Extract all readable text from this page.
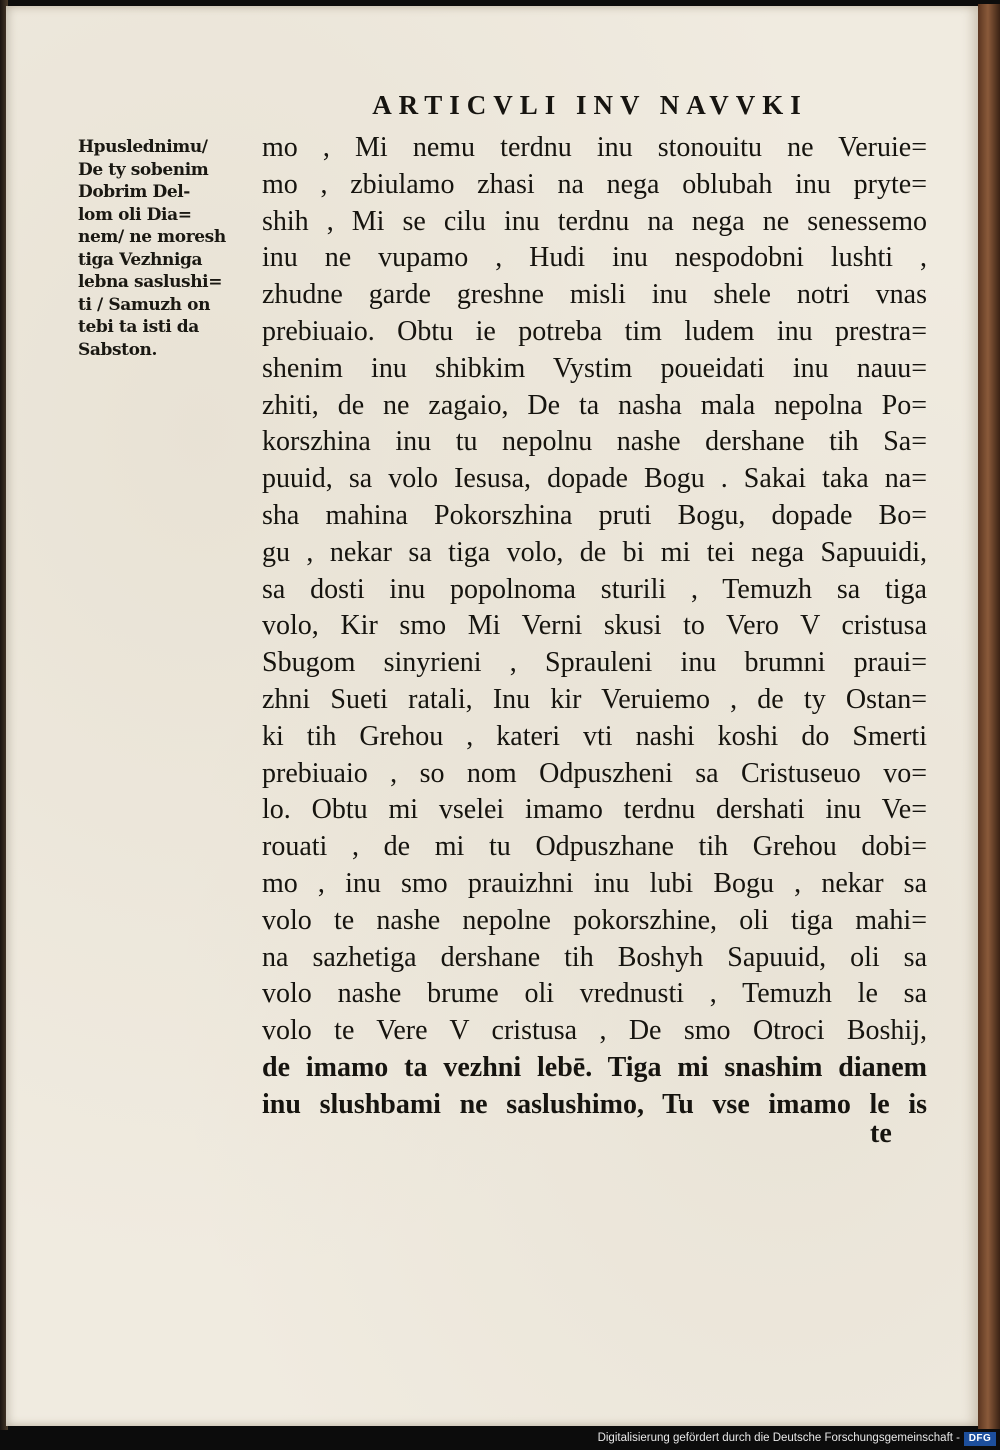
ARTICVLI INV NAVVKI
Hpuslednimu/
De ty sobenim
Dobrim Del-
lom oli Dia=
nem/ ne moresh
tiga Vezhniga
lebna saslushi=
ti / Samuzh on
tebi ta isti da
Sabston.
mo , Mi nemu terdnu inu stonouitu ne Veruie=
mo , zbiulamo zhasi na nega oblubah inu pryte=
shih , Mi se cilu inu terdnu na nega ne senessemo
inu ne vupamo , Hudi inu nespodobni lushti ,
zhudne garde greshne misli inu shele notri vnas
prebiuaio. Obtu ie potreba tim ludem inu prestra=
shenim inu shibkim Vystim poueidati inu nauu=
zhiti, de ne zagaio, De ta nasha mala nepolna Po=
korszhina inu tu nepolnu nashe dershane tih Sa=
puuid, sa volo Iesusa, dopade Bogu . Sakai taka na=
sha mahina Pokorszhina pruti Bogu, dopade Bo=
gu , nekar sa tiga volo, de bi mi tei nega Sapuuidi,
sa dosti inu popolnoma sturili , Temuzh sa tiga
volo, Kir smo Mi Verni skusi to Vero V cristusa
Sbugom sinyrieni , Sprauleni inu brumni praui=
zhni Sueti ratali, Inu kir Veruiemo , de ty Ostan=
ki tih Grehou , kateri vti nashi koshi do Smerti
prebiuaio , so nom Odpuszheni sa Cristuseuo vo=
lo. Obtu mi vselei imamo terdnu dershati inu Ve=
rouati , de mi tu Odpuszhane tih Grehou dobi=
mo , inu smo prauizhni inu lubi Bogu , nekar sa
volo te nashe nepolne pokorszhine, oli tiga mahi=
na sazhetiga dershane tih Boshyh Sapuuid, oli sa
volo nashe brume oli vrednusti , Temuzh le sa
volo te Vere V cristusa , De smo Otroci Boshij,
de imamo ta vezhni lebē. Tiga mi snashim dianem
inu slushbami ne saslushimo, Tu vse imamo le is
te
Digitalisierung gefördert durch die Deutsche Forschungsgemeinschaft - DFG
